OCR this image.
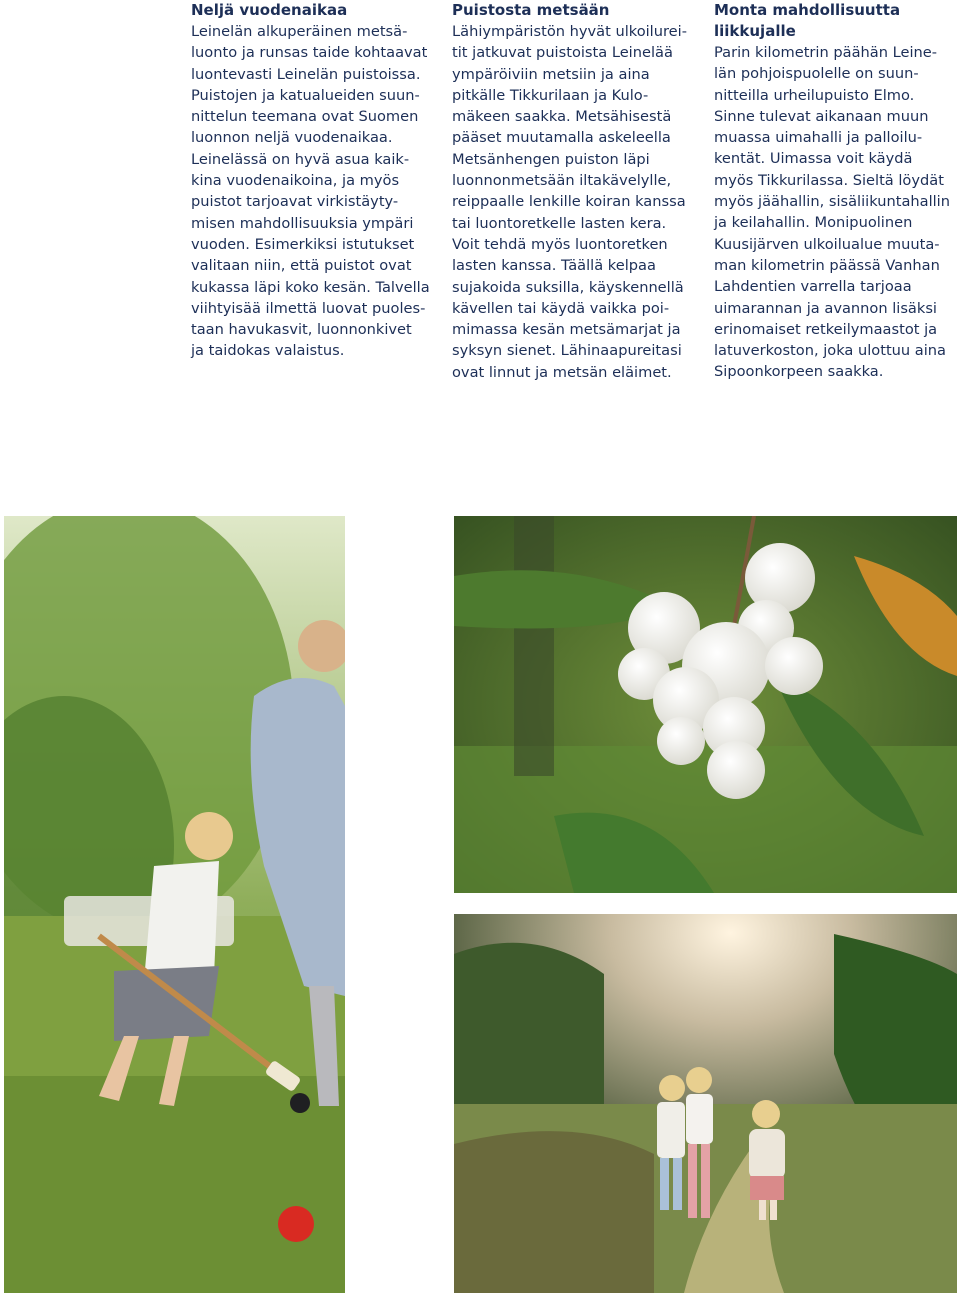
Neljä vuodenaikaa

Leinelän alkuperäinen metsä-
luonto ja runsas taide kohtaavat
luontevasti Leinelän puistoissa.
Puistojen ja katualueiden suun-
nittelun teemana ovat Suomen
luonnon neljä vuodenaikaa.
Leinelässä on hyvä asua kaik-
kina vuodenaikoina, ja myös
puistot tarjoavat virkistäyty-
misen mahdollisuuksia ympäri
vuoden. Esimerkiksi istutukset
valitaan niin, että puistot ovat
kukassa läpi koko kesän. Talvella
viihtyisää ilmettä luovat puoles-
taan havukasvit, luonnonkivet
ja taidokas valaistus.

Puistosta metsään

Lähiympäristön hyvät ulkoilurei-
tit jatkuvat puistoista Leinelää
ympäröiviin metsiin ja aina
pitkälle Tikkurilaan ja Kulo-
mäkeen saakka. Metsähisestä
pääset muutamalla askeleella
Metsänhengen puiston läpi
luonnonmetsään iltakävelylle,
reippaalle lenkille koiran kanssa
tai luontoretkelle lasten kera.
Voit tehdä myös luontoretken
lasten kanssa. Täällä kelpaa
sujakoida suksilla, käyskennellä
kävellen tai käydä vaikka poi-
mimassa kesän metsämarjat ja
syksyn sienet. Lähinaapureitasi
ovat linnut ja metsän eläimet.

Monta mahdollisuutta
liikkujalle

Parin kilometrin päähän Leine-
län pohjoispuolelle on suun-
nitteilla urheilupuisto Elmo.
Sinne tulevat aikanaan muun
muassa uimahalli ja palloilu-
kentät. Uimassa voit käydä
myös Tikkurilassa. Sieltä löydät
myös jäähallin, sisäliikuntahallin
ja keilahallin. Monipuolinen
Kuusijärven ulkoilualue muuta-
man kilometrin päässä Vanhan
Lahdentien varrella tarjoaa
uimarannan ja avannon lisäksi
erinomaiset retkeilymaastot ja
latuverkoston, joka ulottuu aina
Sipoonkorpeen saakka.
